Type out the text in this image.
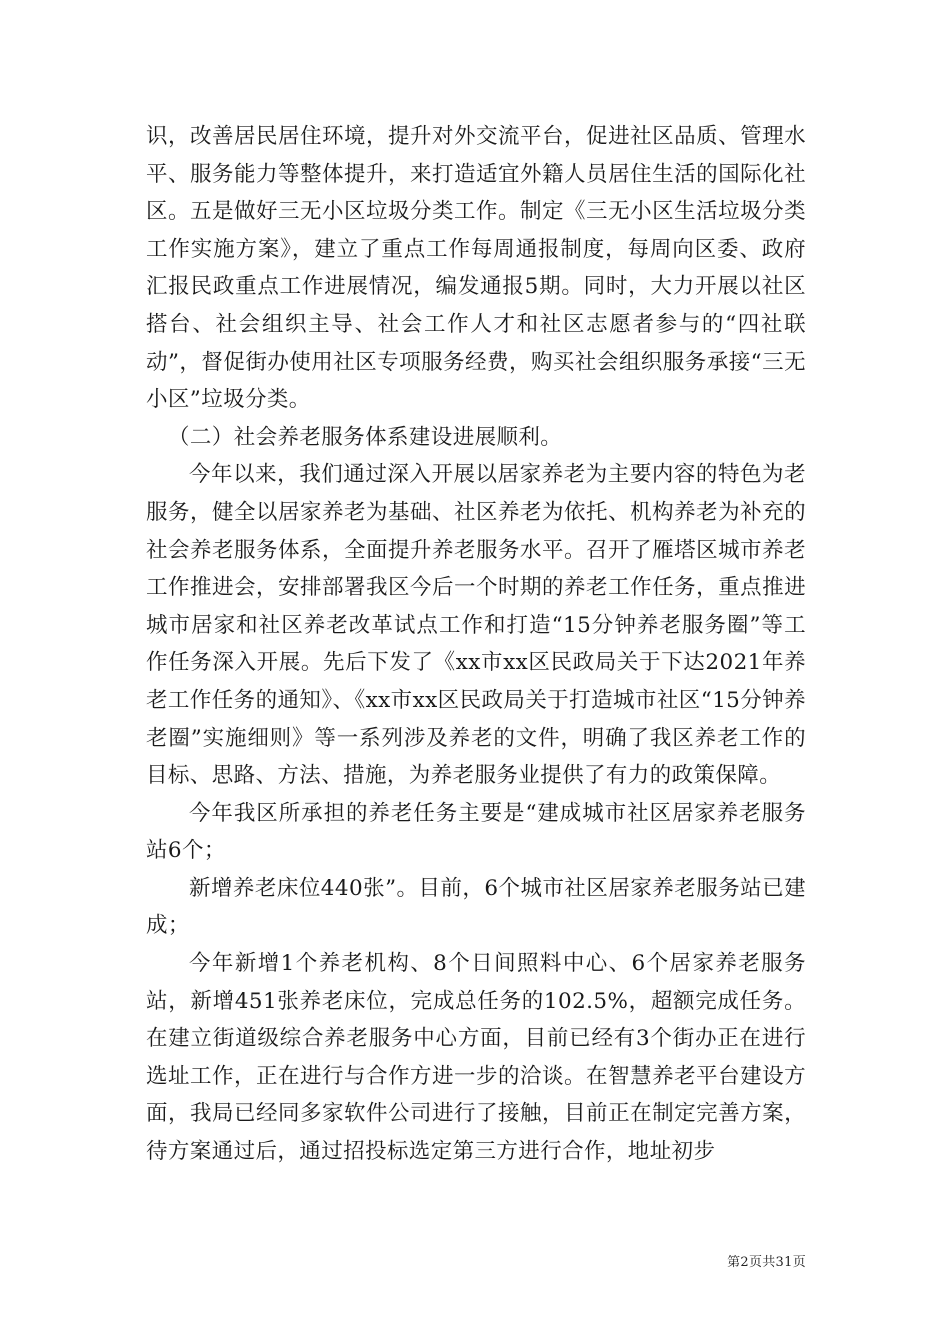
识，改善居民居住环境，提升对外交流平台，促进社区品质、管理水平、服务能力等整体提升，来打造适宜外籍人员居住生活的国际化社区。五是做好三无小区垃圾分类工作。制定《三无小区生活垃圾分类工作实施方案》，建立了重点工作每周通报制度，每周向区委、政府汇报民政重点工作进展情况，编发通报5期。同时，大力开展以社区搭台、社会组织主导、社会工作人才和社区志愿者参与的“四社联动”，督促街办使用社区专项服务经费，购买社会组织服务承接“三无小区”垃圾分类。

（二）社会养老服务体系建设进展顺利。

今年以来，我们通过深入开展以居家养老为主要内容的特色为老服务，健全以居家养老为基础、社区养老为依托、机构养老为补充的社会养老服务体系，全面提升养老服务水平。召开了雁塔区城市养老工作推进会，安排部署我区今后一个时期的养老工作任务，重点推进城市居家和社区养老改革试点工作和打造“15分钟养老服务圈”等工作任务深入开展。先后下发了《xx市xx区民政局关于下达2021年养老工作任务的通知》、《xx市xx区民政局关于打造城市社区“15分钟养老圈”实施细则》等一系列涉及养老的文件，明确了我区养老工作的目标、思路、方法、措施，为养老服务业提供了有力的政策保障。

今年我区所承担的养老任务主要是“建成城市社区居家养老服务站6个；

新增养老床位440张”。目前，6个城市社区居家养老服务站已建成；

今年新增1个养老机构、8个日间照料中心、6个居家养老服务站，新增451张养老床位，完成总任务的102.5%，超额完成任务。在建立街道级综合养老服务中心方面，目前已经有3个街办正在进行选址工作，正在进行与合作方进一步的洽谈。在智慧养老平台建设方面，我局已经同多家软件公司进行了接触，目前正在制定完善方案，待方案通过后，通过招投标选定第三方进行合作，地址初步

第2页共31页
